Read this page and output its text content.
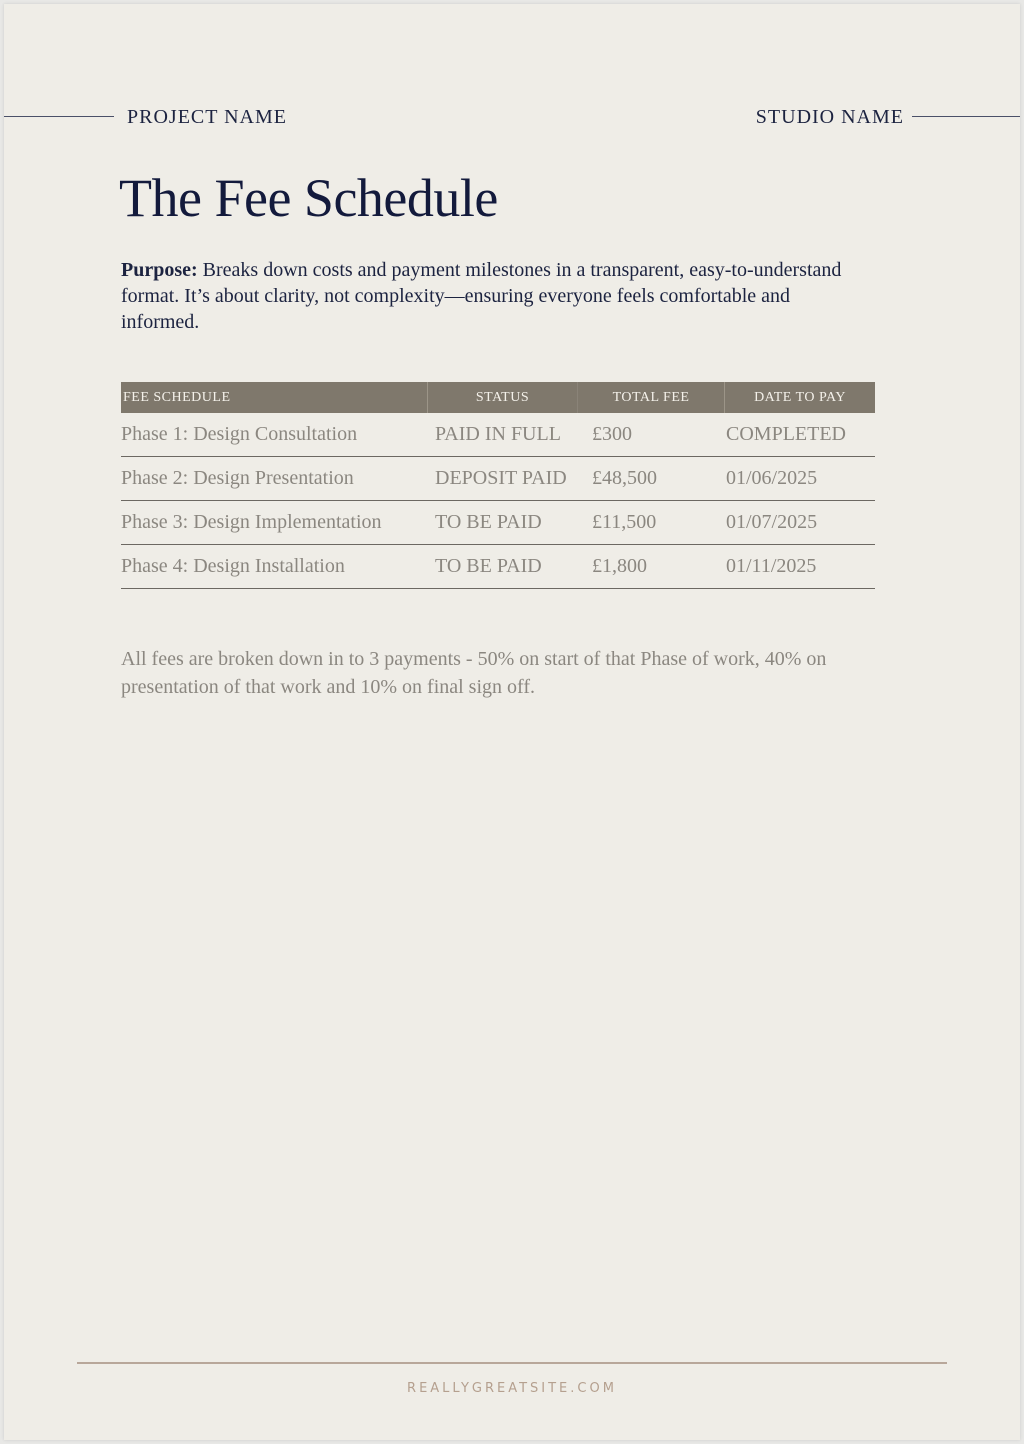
PROJECT NAME	STUDIO NAME
The Fee Schedule
Purpose: Breaks down costs and payment milestones in a transparent, easy-to-understand format. It’s about clarity, not complexity—ensuring everyone feels comfortable and informed.
FEE SCHEDULE	STATUS	TOTAL FEE	DATE TO PAY
Phase 1: Design Consultation	PAID IN FULL	£300	COMPLETED
Phase 2: Design Presentation	DEPOSIT PAID	£48,500	01/06/2025
Phase 3: Design Implementation	TO BE PAID	£11,500	01/07/2025
Phase 4: Design Installation	TO BE PAID	£1,800	01/11/2025
All fees are broken down in to 3 payments - 50% on start of that Phase of work, 40% on presentation of that work and 10% on final sign off.
REALLYGREATSITE.COM
